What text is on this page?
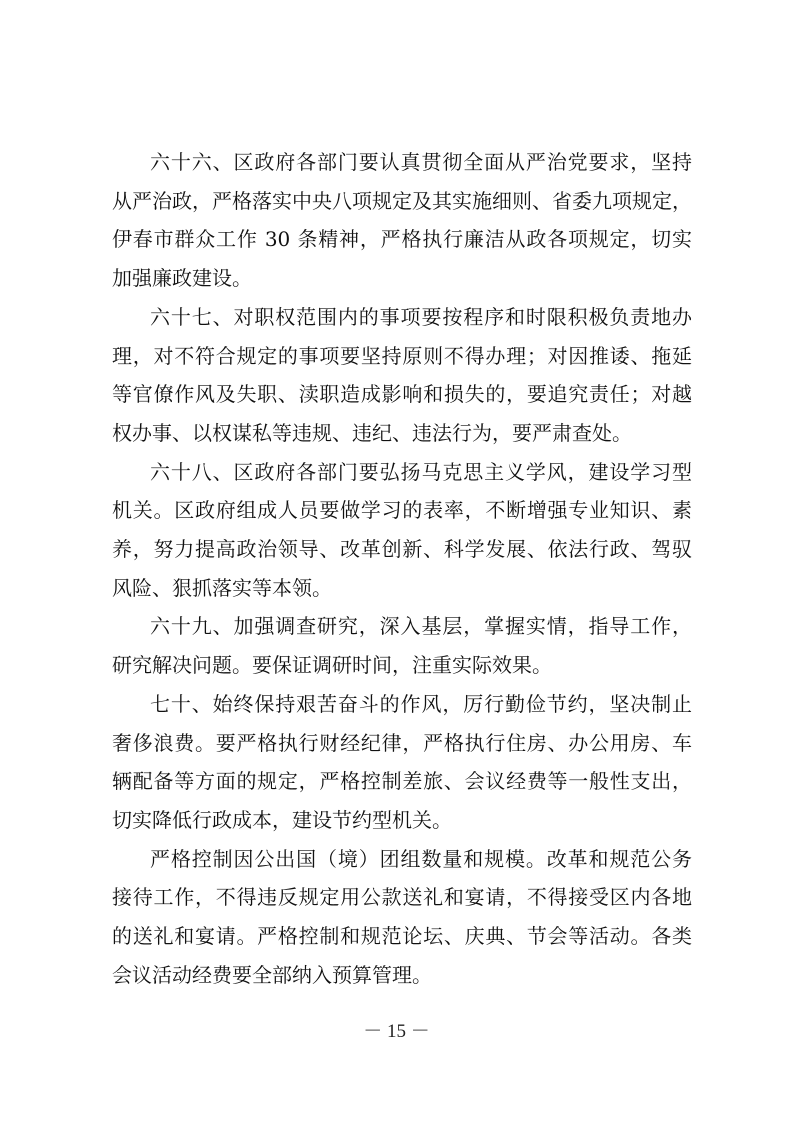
六十六、区政府各部门要认真贯彻全面从严治党要求，坚持
从严治政，严格落实中央八项规定及其实施细则、省委九项规定，
伊春市群众工作 30 条精神，严格执行廉洁从政各项规定，切实
加强廉政建设。

六十七、对职权范围内的事项要按程序和时限积极负责地办
理，对不符合规定的事项要坚持原则不得办理；对因推诿、拖延
等官僚作风及失职、渎职造成影响和损失的，要追究责任；对越
权办事、以权谋私等违规、违纪、违法行为，要严肃查处。

六十八、区政府各部门要弘扬马克思主义学风，建设学习型
机关。区政府组成人员要做学习的表率，不断增强专业知识、素
养，努力提高政治领导、改革创新、科学发展、依法行政、驾驭
风险、狠抓落实等本领。

六十九、加强调查研究，深入基层，掌握实情，指导工作，
研究解决问题。要保证调研时间，注重实际效果。

七十、始终保持艰苦奋斗的作风，厉行勤俭节约，坚决制止
奢侈浪费。要严格执行财经纪律，严格执行住房、办公用房、车
辆配备等方面的规定，严格控制差旅、会议经费等一般性支出，
切实降低行政成本，建设节约型机关。

严格控制因公出国（境）团组数量和规模。改革和规范公务
接待工作，不得违反规定用公款送礼和宴请，不得接受区内各地
的送礼和宴请。严格控制和规范论坛、庆典、节会等活动。各类
会议活动经费要全部纳入预算管理。

－ 15 －
